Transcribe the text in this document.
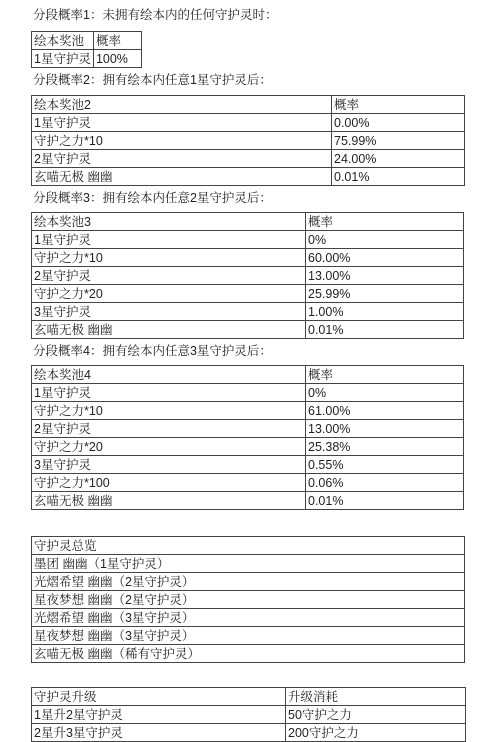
分段概率1：未拥有绘本内的任何守护灵时：

绘本奖池	概率
1星守护灵	100%

分段概率2：拥有绘本内任意1星守护灵后：

绘本奖池2	概率
1星守护灵	0.00%
守护之力*10	75.99%
2星守护灵	24.00%
玄喵无极 幽幽	0.01%

分段概率3：拥有绘本内任意2星守护灵后：

绘本奖池3	概率
1星守护灵	0%
守护之力*10	60.00%
2星守护灵	13.00%
守护之力*20	25.99%
3星守护灵	1.00%
玄喵无极 幽幽	0.01%

分段概率4：拥有绘本内任意3星守护灵后：

绘本奖池4	概率
1星守护灵	0%
守护之力*10	61.00%
2星守护灵	13.00%
守护之力*20	25.38%
3星守护灵	0.55%
守护之力*100	0.06%
玄喵无极 幽幽	0.01%
守护灵总览
墨团 幽幽（1星守护灵）
光熠希望 幽幽（2星守护灵）
星夜梦想 幽幽（2星守护灵）
光熠希望 幽幽（3星守护灵）
星夜梦想 幽幽（3星守护灵）
玄喵无极 幽幽（稀有守护灵）
守护灵升级	升级消耗
1星升2星守护灵	50守护之力
2星升3星守护灵	200守护之力
